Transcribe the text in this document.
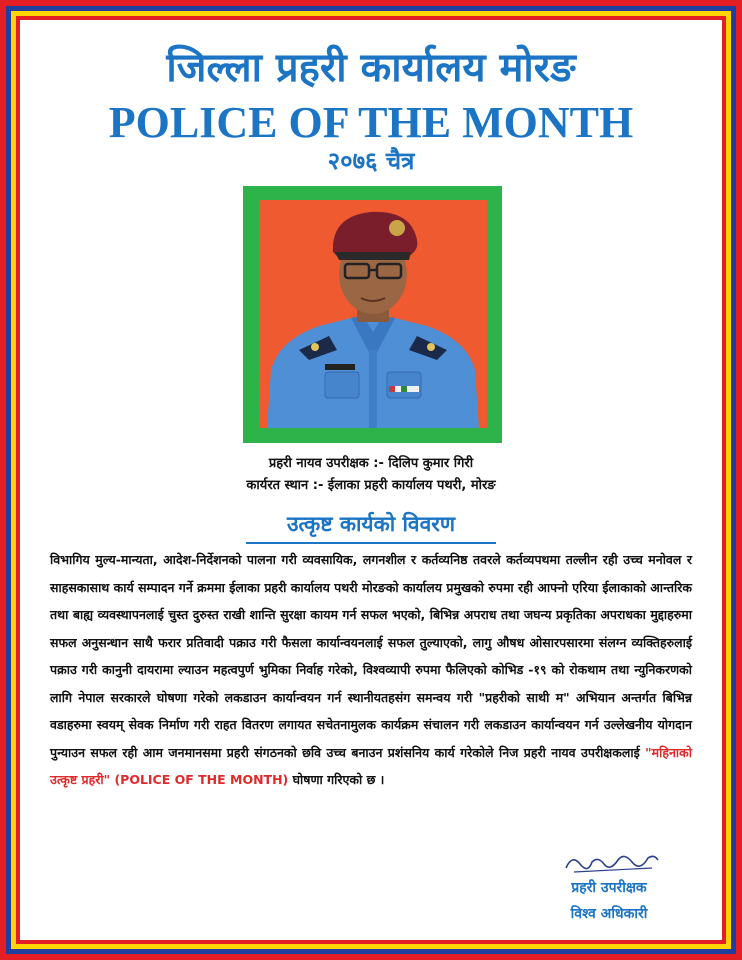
जिल्ला प्रहरी कार्यालय मोरङ
POLICE OF THE MONTH
२०७६ चैत्र
प्रहरी नायव उपरीक्षक :- दिलिप कुमार गिरी
कार्यरत स्थान :- ईलाका प्रहरी कार्यालय पथरी, मोरङ
उत्कृष्ट कार्यको विवरण
विभागिय मुल्य-मान्यता, आदेश-निर्देशनको पालना गरी व्यवसायिक, लगनशील र कर्तव्यनिष्ठ तवरले कर्तव्यपथमा तल्लीन रही उच्च मनोवल र साहसकासाथ कार्य सम्पादन गर्ने क्रममा ईलाका प्रहरी कार्यालय पथरी मोरङको कार्यालय प्रमुखको रुपमा रही आफ्नो एरिया ईलाकाको आन्तरिक तथा बाह्य व्यवस्थापनलाई चुस्त दुरुस्त राखी शान्ति सुरक्षा कायम गर्न सफल भएको, बिभिन्न अपराध तथा जघन्य प्रकृतिका अपराधका मुद्दाहरुमा सफल अनुसन्धान साथै फरार प्रतिवादी पक्राउ गरी फैसला कार्यान्वयनलाई सफल तुल्याएको, लागु औषध ओसारपसारमा संलग्न व्यक्तिहरुलाई पक्राउ गरी कानुनी दायरामा ल्याउन महत्वपुर्ण भुमिका निर्वाह गरेको, विश्वव्यापी रुपमा फैलिएको कोभिड -१९ को रोकथाम तथा न्युनिकरणको लागि नेपाल सरकारले घोषणा गरेको लकडाउन कार्यान्वयन गर्न स्थानीयतहसंग समन्वय गरी "प्रहरीको साथी म" अभियान अन्तर्गत बिभिन्न वडाहरुमा स्वयम् सेवक निर्माण गरी राहत वितरण लगायत सचेतनामुलक कार्यक्रम संचालन गरी लकडाउन कार्यान्वयन गर्न उल्लेखनीय योगदान पुन्याउन सफल रही आम जनमानसमा प्रहरी संगठनको छवि उच्च बनाउन प्रशंसनिय कार्य गरेकोले निज प्रहरी नायव उपरीक्षकलाई "महिनाको उत्कृष्ट प्रहरी" (POLICE OF THE MONTH) घोषणा गरिएको छ ।
प्रहरी उपरीक्षक
विश्व अधिकारी
